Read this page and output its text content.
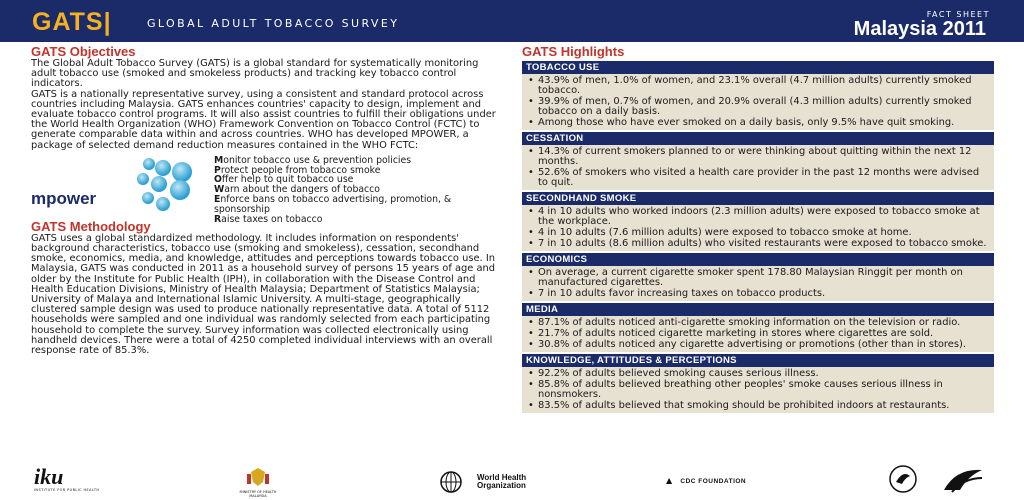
GATS|	GLOBAL ADULT TOBACCO SURVEY
FACT SHEET
Malaysia 2011
GATS Objectives

The Global Adult Tobacco Survey (GATS) is a global standard for systematically monitoring adult tobacco use (smoked and smokeless products) and tracking key tobacco control indicators.

GATS is a nationally representative survey, using a consistent and standard protocol across countries including Malaysia. GATS enhances countries' capacity to design, implement and evaluate tobacco control programs. It will also assist countries to fulfill their obligations under the World Health Organization (WHO) Framework Convention on Tobacco Control (FCTC) to generate comparable data within and across countries. WHO has developed MPOWER, a package of selected demand reduction measures contained in the WHO FCTC:

mpower
Monitor tobacco use & prevention policies
Protect people from tobacco smoke
Offer help to quit tobacco use
Warn about the dangers of tobacco
Enforce bans on tobacco advertising, promotion, & sponsorship
Raise taxes on tobacco
GATS Methodology

GATS uses a global standardized methodology. It includes information on respondents' background characteristics, tobacco use (smoking and smokeless), cessation, secondhand smoke, economics, media, and knowledge, attitudes and perceptions towards tobacco use. In Malaysia, GATS was conducted in 2011 as a household survey of persons 15 years of age and older by the Institute for Public Health (IPH), in collaboration with the Disease Control and Health Education Divisions, Ministry of Health Malaysia; Department of Statistics Malaysia; University of Malaya and International Islamic University. A multi-stage, geographically clustered sample design was used to produce nationally representative data. A total of 5112 households were sampled and one individual was randomly selected from each participating household to complete the survey. Survey information was collected electronically using handheld devices. There were a total of 4250 completed individual interviews with an overall response rate of 85.3%.

GATS Highlights
TOBACCO USE
• 43.9% of men, 1.0% of women, and 23.1% overall (4.7 million adults) currently smoked tobacco.
• 39.9% of men, 0.7% of women, and 20.9% overall (4.3 million adults) currently smoked tobacco on a daily basis.
• Among those who have ever smoked on a daily basis, only 9.5% have quit smoking.
CESSATION
• 14.3% of current smokers planned to or were thinking about quitting within the next 12 months.
• 52.6% of smokers who visited a health care provider in the past 12 months were advised to quit.
SECONDHAND SMOKE
• 4 in 10 adults who worked indoors (2.3 million adults) were exposed to tobacco smoke at the workplace.
• 4 in 10 adults (7.6 million adults) were exposed to tobacco smoke at home.
• 7 in 10 adults (8.6 million adults) who visited restaurants were exposed to tobacco smoke.
ECONOMICS
• On average, a current cigarette smoker spent 178.80 Malaysian Ringgit per month on manufactured cigarettes.
• 7 in 10 adults favor increasing taxes on tobacco products.
MEDIA
• 87.1% of adults noticed anti-cigarette smoking information on the television or radio.
• 21.7% of adults noticed cigarette marketing in stores where cigarettes are sold.
• 30.8% of adults noticed any cigarette advertising or promotions (other than in stores).
KNOWLEDGE, ATTITUDES & PERCEPTIONS
• 92.2% of adults believed smoking causes serious illness.
• 85.8% of adults believed breathing other peoples' smoke causes serious illness in nonsmokers.
• 83.5% of adults believed that smoking should be prohibited indoors at restaurants.
iku
INSTITUTE FOR PUBLIC HEALTH	MINISTRY OF HEALTH MALAYSIA
World Health Organization
▲ CDC FOUNDATION
